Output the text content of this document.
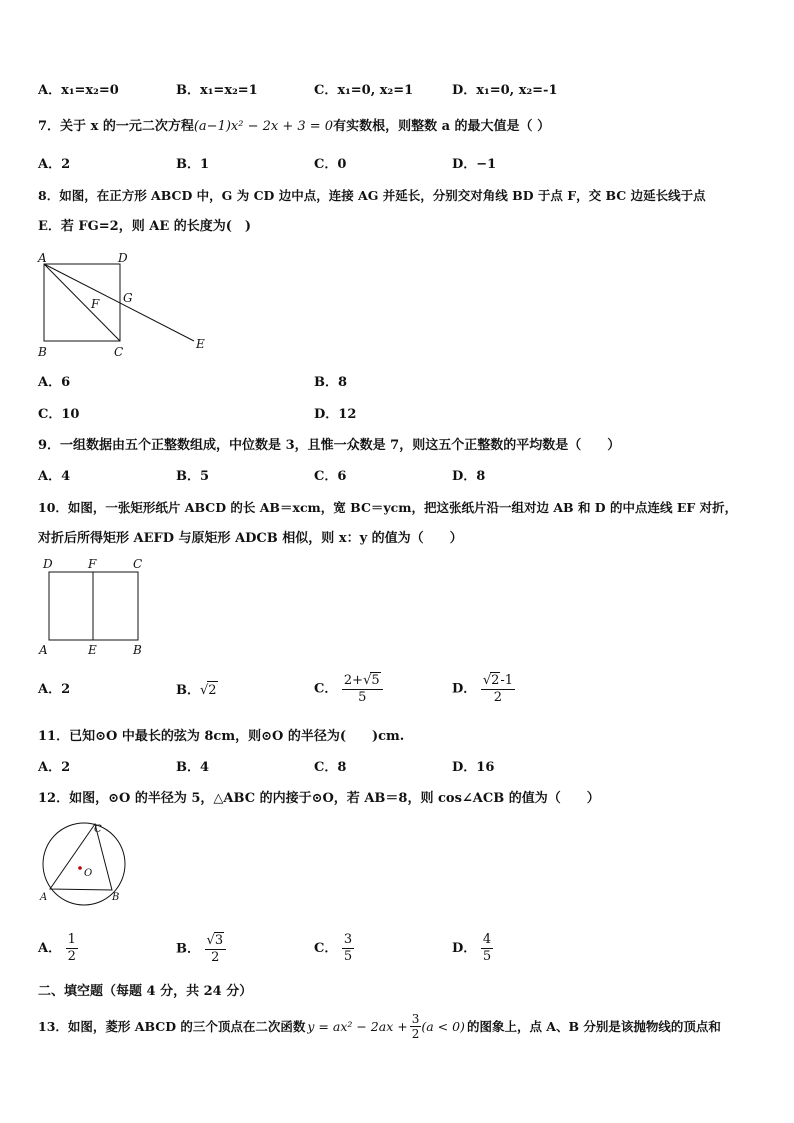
A．x₁=x₂=0	B．x₁=x₂=1	C．x₁=0, x₂=1	D．x₁=0, x₂=-1
7．关于 x 的一元二次方程(a−1)x² − 2x + 3 = 0有实数根，则整数 a 的最大值是（ ）
A．2	B．1	C．0	D．−1
8．如图，在正方形 ABCD 中，G 为 CD 边中点，连接 AG 并延长，分别交对角线 BD 于点 F，交 BC 边延长线于点
E．若 FG=2，则 AE 的长度为(　)
A	D
F G
B	C
E
A．6	B．8
C．10	D．12
9．一组数据由五个正整数组成，中位数是 3，且惟一众数是 7，则这五个正整数的平均数是（　　）
A．4	B．5	C．6	D．8
10．如图，一张矩形纸片 ABCD 的长 AB＝xcm，宽 BC＝ycm，把这张纸片沿一组对边 AB 和 D 的中点连线 EF 对折，
对折后所得矩形 AEFD 与原矩形 ADCB 相似，则 x：y 的值为（　　）
D	F	C
A	E	B
A．2	B．√2	C． $\frac{2+√5}{5}$	D． $\frac{√2-1}{2}$
11．已知⊙O 中最长的弦为 8cm，则⊙O 的半径为(　　)cm.
A．2	B．4	C．8	D．16
12．如图，⊙O 的半径为 5，△ABC 的内接于⊙O，若 AB＝8，则 cos∠ACB 的值为（　　）
C
O
A	B
A． $\frac{1}{2}$	B． $\frac{√3}{2}$	C． $\frac{3}{5}$	D． $\frac{4}{5}$
二、填空题（每题 4 分，共 24 分）
13．如图，菱形 ABCD 的三个顶点在二次函数 $y = ax^2 - 2ax + \frac{3}{2} (a < 0)$ 的图象上，点 A、B 分别是该抛物线的顶点和
